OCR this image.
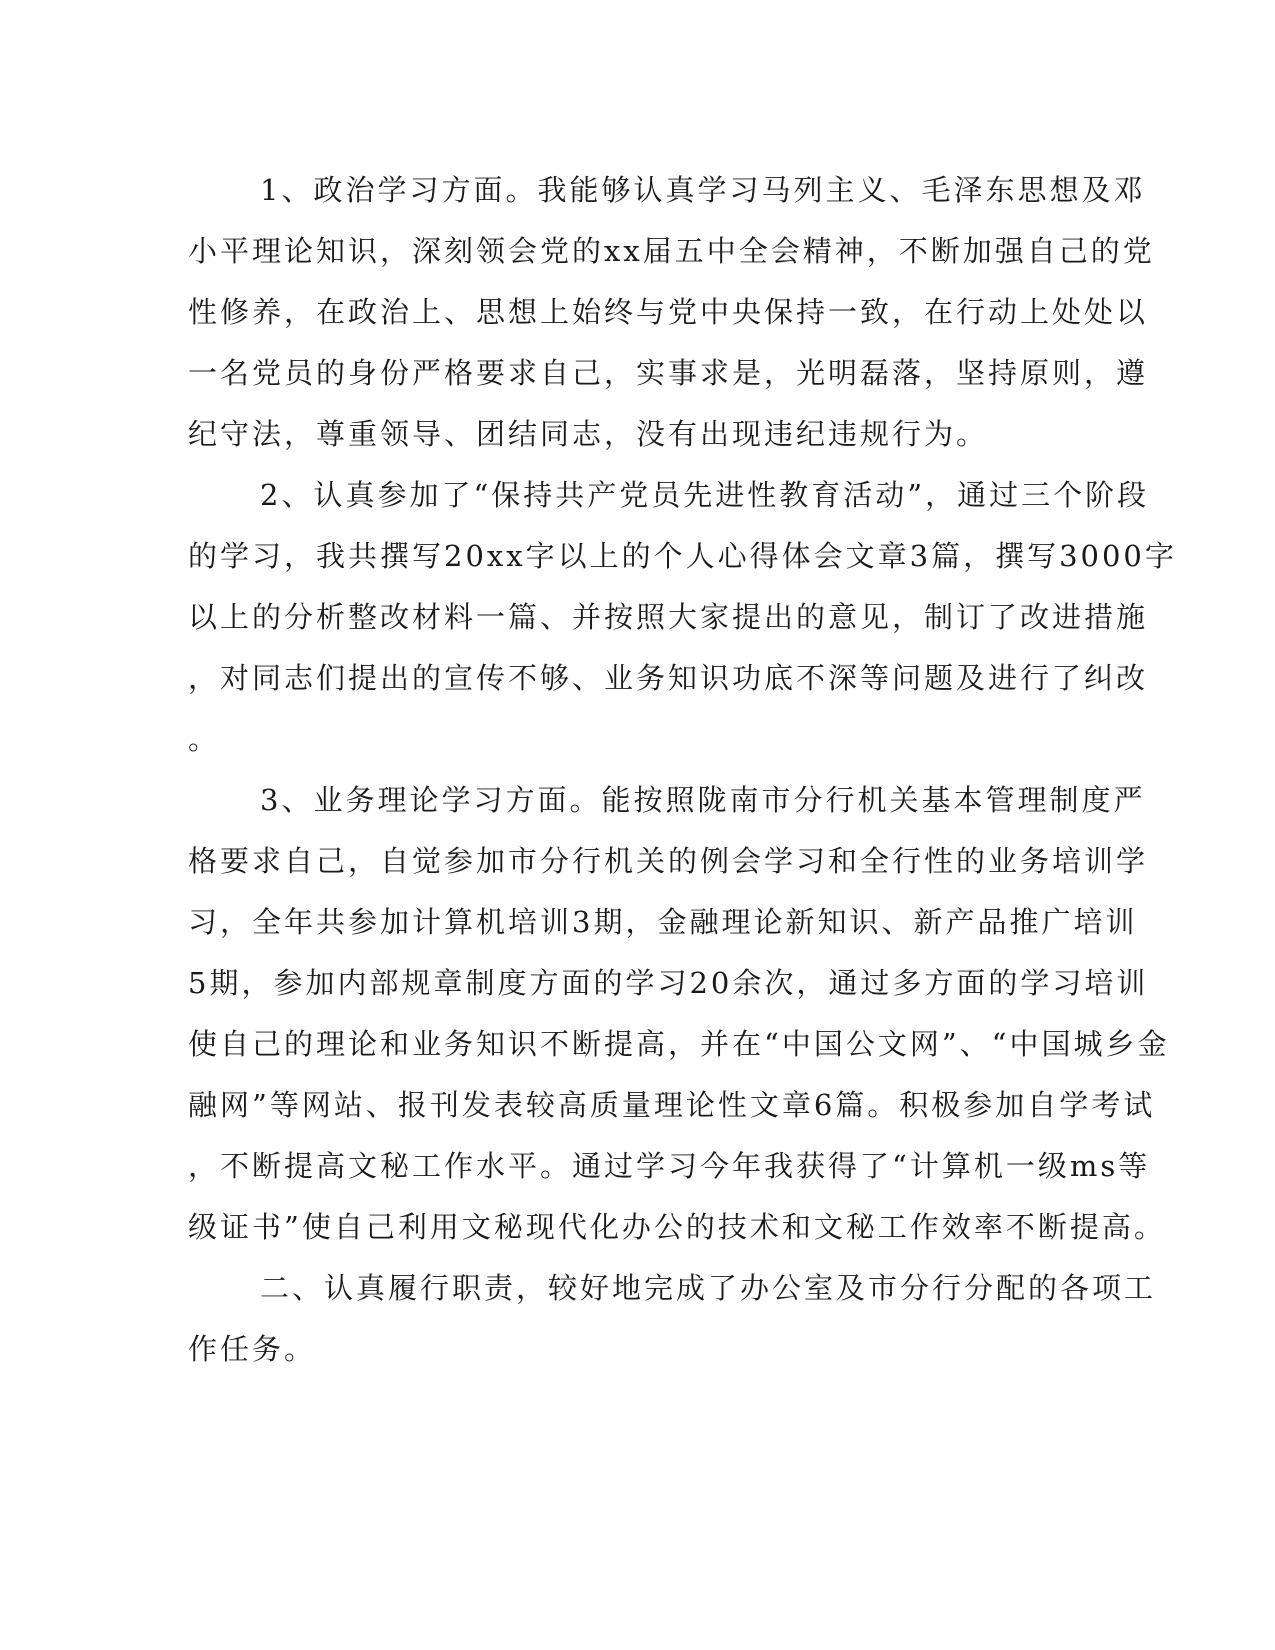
1、政治学习方面。我能够认真学习马列主义、毛泽东思想及邓
小平理论知识，深刻领会党的xx届五中全会精神，不断加强自己的党
性修养，在政治上、思想上始终与党中央保持一致，在行动上处处以
一名党员的身份严格要求自己，实事求是，光明磊落，坚持原则，遵
纪守法，尊重领导、团结同志，没有出现违纪违规行为。
2、认真参加了“保持共产党员先进性教育活动”，通过三个阶段
的学习，我共撰写20xx字以上的个人心得体会文章3篇，撰写3000字
以上的分析整改材料一篇、并按照大家提出的意见，制订了改进措施
，对同志们提出的宣传不够、业务知识功底不深等问题及进行了纠改
。
3、业务理论学习方面。能按照陇南市分行机关基本管理制度严
格要求自己，自觉参加市分行机关的例会学习和全行性的业务培训学
习，全年共参加计算机培训3期，金融理论新知识、新产品推广培训
5期，参加内部规章制度方面的学习20余次，通过多方面的学习培训
使自己的理论和业务知识不断提高，并在“中国公文网”、“中国城乡金
融网”等网站、报刊发表较高质量理论性文章6篇。积极参加自学考试
，不断提高文秘工作水平。通过学习今年我获得了“计算机一级ms等
级证书”使自己利用文秘现代化办公的技术和文秘工作效率不断提高。
二、认真履行职责，较好地完成了办公室及市分行分配的各项工
作任务。
